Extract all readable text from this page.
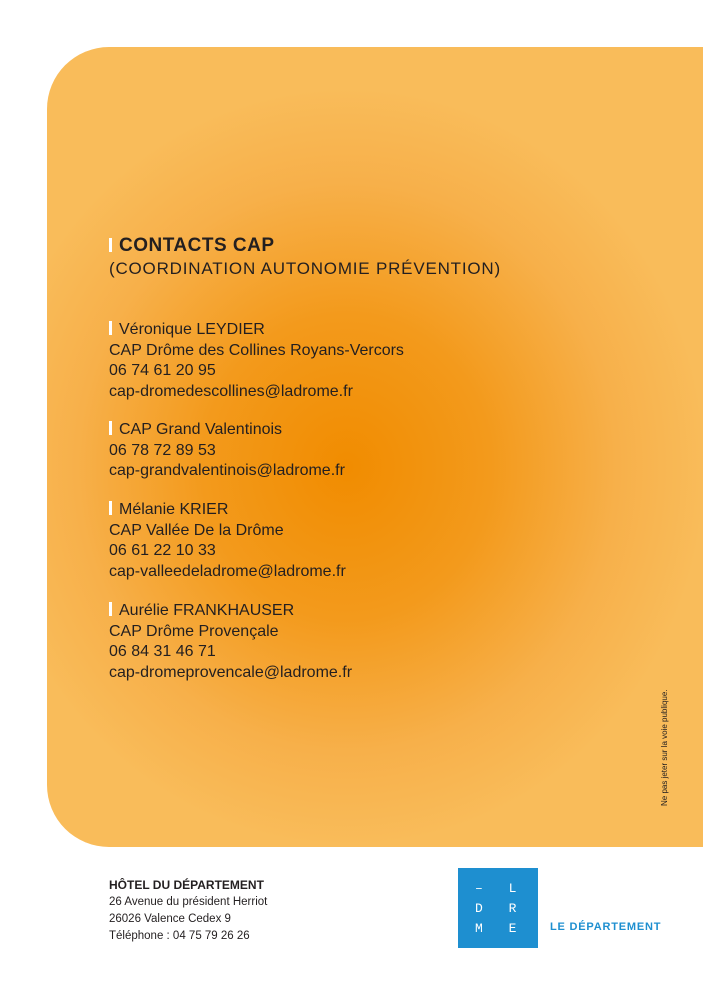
CONTACTS CAP
(COORDINATION AUTONOMIE PRÉVENTION)
Véronique LEYDIER
CAP Drôme des Collines Royans-Vercors
06 74 61 20 95
cap-dromedescollines@ladrome.fr
CAP Grand Valentinois
06 78 72 89 53
cap-grandvalentinois@ladrome.fr
Mélanie KRIER
CAP Vallée De la Drôme
06 61 22 10 33
cap-valleedeladrome@ladrome.fr
Aurélie FRANKHAUSER
CAP Drôme Provençale
06 84 31 46 71
cap-dromeprovencale@ladrome.fr
Ne pas jeter sur la voie publique.
HÔTEL DU DÉPARTEMENT
26 Avenue du président Herriot
26026 Valence Cedex 9
Téléphone : 04 75 79 26 26
– L A
D R O
M E –
LE DÉPARTEMENT
